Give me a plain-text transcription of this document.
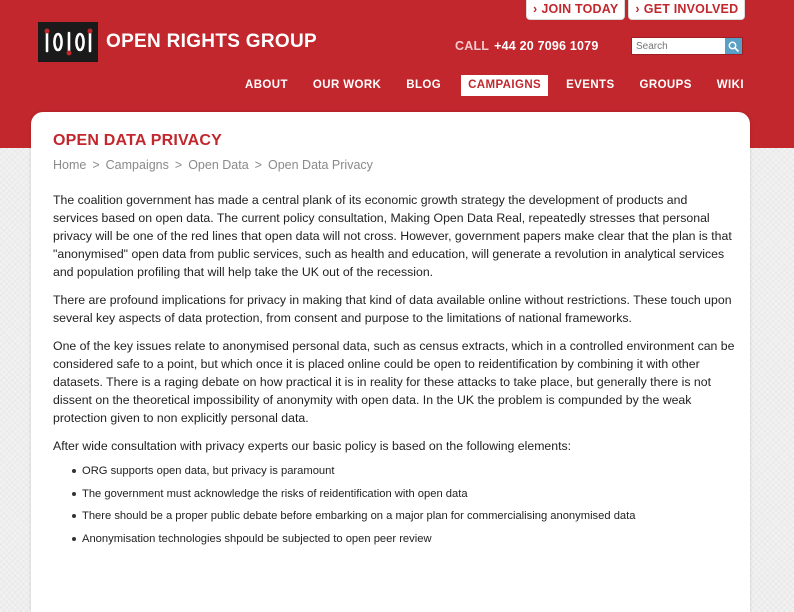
OPEN RIGHTS GROUP
› JOIN TODAY	› GET INVOLVED
CALL +44 20 7096 1079
Search
ABOUT	OUR WORK	BLOG	CAMPAIGNS	EVENTS	GROUPS	WIKI
OPEN DATA PRIVACY
Home > Campaigns > Open Data > Open Data Privacy

The coalition government has made a central plank of its economic growth strategy the development of products and services based on open data. The current policy consultation, Making Open Data Real, repeatedly stresses that personal privacy will be one of the red lines that open data will not cross. However, government papers make clear that the plan is that "anonymised" open data from public services, such as health and education, will generate a revolution in analytical services and population profiling that will help take the UK out of the recession.

There are profound implications for privacy in making that kind of data available online without restrictions. These touch upon several key aspects of data protection, from consent and purpose to the limitations of national frameworks.

One of the key issues relate to anonymised personal data, such as census extracts, which in a controlled environment can be considered safe to a point, but which once it is placed online could be open to reidentification by combining it with other datasets. There is a raging debate on how practical it is in reality for these attacks to take place, but generally there is not dissent on the theoretical impossibility of anonymity with open data. In the UK the problem is compunded by the weak protection given to non explicitly personal data.

After wide consultation with privacy experts our basic policy is based on the following elements:

ORG supports open data, but privacy is paramount
The government must acknowledge the risks of reidentification with open data
There should be a proper public debate before embarking on a major plan for commercialising anonymised data
Anonymisation technologies shpould be subjected to open peer review
